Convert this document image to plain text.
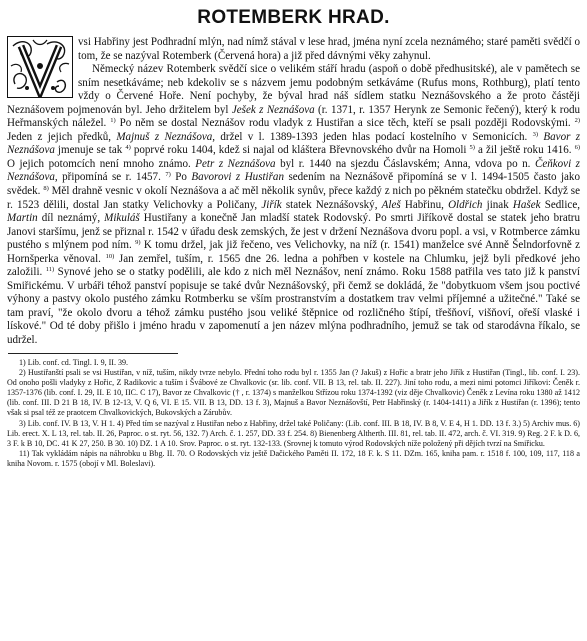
ROTEMBERK HRAD.

vsi Habřiny jest Podhradní mlýn, nad nímž stával v lese hrad, jména nyní zcela neznámého; staré paměti svědčí o tom, že se nazýval Rotemberk (Červená hora) a již před dávnými věky zahynul.

Německý název Rotemberk svědčí sice o velikém stáří hradu (aspoň o době předhusitské), ale v pamětech se sním nesetkáváme; neb kdekoliv se s názvem jemu podobným setkáváme (Rufus mons, Rothburg), platí tento vždy o Červené Hoře. Není pochyby, že býval hrad náš sídlem statku Neznášovského a že proto částěji Neznášovem pojmenován byl. Jeho držitelem byl Ješek z Neznášova (r. 1371, r. 1357 Herynk ze Semonic řečený), který k rodu Heřmanských náležel. $^{1)}$ Po něm se dostal Neznášov rodu vladyk z Hustiřan a sice těch, kteří se psali později Rodovskými. $^{2)}$ Jeden z jejich předků, Majnuš z Neznášova, držel v l. 1389-1393 jeden hlas podací kostelního v Semonicích. $^{3)}$ Bavor z Neznášova jmenuje se tak $^{4)}$ poprvé roku 1404, kdež si najal od kláštera Břevnovského dvůr na Homoli $^{5)}$ a žil ještě roku 1416. $^{6)}$ O jejich potomcích není mnoho známo. Petr z Neznášova byl r. 1440 na sjezdu Čáslavském; Anna, vdova po n. Čeňkovi z Neznášova, připomíná se r. 1457. $^{7)}$ Po Bavorovi z Hustiřan sedením na Neznášově připomíná se v l. 1494-1505 často jako svědek. $^{8)}$ Měl drahně vesnic v okolí Neznášova a ač měl několik synův, přece každý z nich po pěkném statečku obdržel. Když se r. 1523 dělili, dostal Jan statky Velichovky a Poličany, Jiřík statek Neznášovský, Aleš Habřinu, Oldřich jinak Hašek Sedlice, Martin díl neznámý, Mikuláš Hustiřany a konečně Jan mladší statek Rodovský. Po smrti Jiříkově dostal se statek jeho bratru Janovi staršímu, jenž se přiznal r. 1542 v úřadu desk zemských, že jest v držení Neznášova dvoru popl. a vsi, v Rotmberce zámku pustého s mlýnem pod ním. $^{9)}$ K tomu držel, jak již řečeno, ves Velichovky, na níž (r. 1541) manželce své Anně Šelndorfovně z Hornšperka věnoval. $^{10)}$ Jan zemřel, tuším, r. 1565 dne 26. ledna a pohřben v kostele na Chlumku, jejž byli předkové jeho založili. $^{11)}$ Synové jeho se o statky podělili, ale kdo z nich měl Neznášov, není známo. Roku 1588 patřila ves tato již k panství Smiřickému. V urbáři téhož panství popisuje se také dvůr Neznášovský, při čemž se dokládá, že "dobytkuom všem jsou poctivé výhony a pastvy okolo pustého zámku Rotmberku se vším prostranstvím a dostatkem trav velmi příjemné a užitečné." Také se tam praví, "že okolo dvoru a téhož zámku pustého jsou veliké štěpnice od rozličného štípí, třešňoví, višňoví, ořeší vlaské i lískové." Od té doby přišlo i jméno hradu v zapomenutí a jen název mlýna podhradního, jemuž se tak od starodávna říkalo, se udržel.

1) Lib. conf. cd. Tingl. I. 9, II. 39.

2) Hustiřanští psali se vsi Hustiřan, v níž, tuším, nikdy tvrze nebylo. Přední toho rodu byl r. 1355 Jan (? Jakuš) z Hořic a bratr jeho Jiřík z Hustiřan (Tingl., lib. conf. I. 23). Od onoho pošli vladyky z Hořic, Z Radikovic a tuším i Švábové ze Chvalkovic (sr. lib. conf. VII. B 13, rel. tab. II. 227). Jiní toho rodu, a mezi nimi potomci Jiříkovi: Čeněk r. 1357-1376 (lib. conf. I. 29, II. E 10, IIC. C 17), Bavor ze Chvalkovic († , r. 1374) s manželkou Střízou roku 1374-1392 (viz děje Chvalkovic) Čeněk z Levína roku 1380 až 1412 (lib. conf. III. D 21 B 18, IV. B 12-13, V. Q 6, VI. E 15. VII. B 13, DD. 13 f. 3), Majnuš a Bavor Neznášovští, Petr Habřinský (r. 1404-1411) a Jiřík z Hustiřan (r. 1396); tento však si psal též ze praotcem Chvalkovických, Bukovských a Zárubův.

3) Lib. conf. IV. B 13, V. H 1. 4) Před tím se nazýval z Hustiřan nebo z Habřiny, držel také Poličany: (Lib. conf. III. B 18, IV. B 8, V. E 4, H 1. DD. 13 f. 3.) 5) Archiv mus. 6) Lib. erect. X. L 13, rel. tab. II. 26, Paproc. o st. ryt. 56, 132. 7) Arch. č. 1. 257, DD. 33 f. 254. 8) Bienenberg Altherth. III. 81, rel. tab. II. 472, arch. č. VI. 319. 9) Reg. 2 F. k D. 6, 3 F. k B 10, DC. 41 K 27, 250. B 30. 10) DZ. 1 A 10. Srov. Paproc. o st. ryt. 132-133. (Srovnej k tomuto výrod Rodovských níže položený při dějích tvrzí na Smiřicku.

11) Tak vykládám nápis na náhrobku u Bbg. II. 70. O Rodovských viz ještě Dačického Paměti II. 172, 18 F. k. S 11. DZm. 165, kniha pam. r. 1518 f. 100, 109, 117, 118 a kniha Novom. r. 1575 (obojí v Ml. Boleslavi).
